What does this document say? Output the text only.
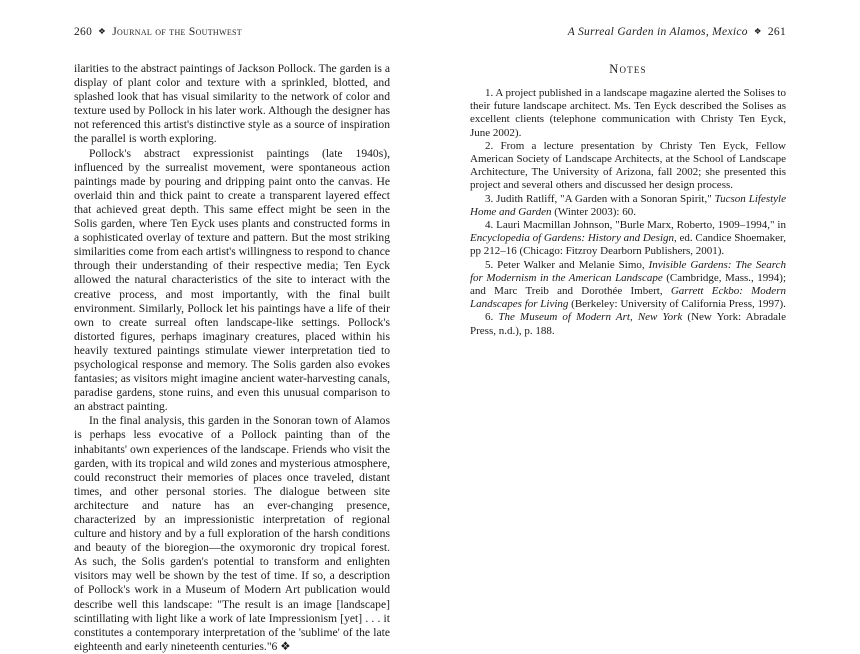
260 ❖ Journal of the Southwest

ilarities to the abstract paintings of Jackson Pollock. The garden is a display of plant color and texture with a sprinkled, blotted, and splashed look that has visual similarity to the network of color and texture used by Pollock in his later work. Although the designer has not referenced this artist's distinctive style as a source of inspiration the parallel is worth exploring.

Pollock's abstract expressionist paintings (late 1940s), influenced by the surrealist movement, were spontaneous action paintings made by pouring and dripping paint onto the canvas. He overlaid thin and thick paint to create a transparent layered effect that achieved great depth. This same effect might be seen in the Solis garden, where Ten Eyck uses plants and constructed forms in a sophisticated overlay of texture and pattern. But the most striking similarities come from each artist's willingness to respond to chance through their understanding of their respective media; Ten Eyck allowed the natural characteristics of the site to interact with the creative process, and most importantly, with the final built environment. Similarly, Pollock let his paintings have a life of their own to create surreal often landscape-like settings. Pollock's distorted figures, perhaps imaginary creatures, placed within his heavily textured paintings stimulate viewer interpretation tied to psychological response and memory. The Solis garden also evokes fantasies; as visitors might imagine ancient water-harvesting canals, paradise gardens, stone ruins, and even this unusual comparison to an abstract painting.

In the final analysis, this garden in the Sonoran town of Alamos is perhaps less evocative of a Pollock painting than of the inhabitants' own experiences of the landscape. Friends who visit the garden, with its tropical and wild zones and mysterious atmosphere, could reconstruct their memories of places once traveled, distant times, and other personal stories. The dialogue between site architecture and nature has an ever-changing presence, characterized by an impressionistic interpretation of regional culture and history and by a full exploration of the harsh conditions and beauty of the bioregion—the oxymoronic dry tropical forest. As such, the Solis garden's potential to transform and enlighten visitors may well be shown by the test of time. If so, a description of Pollock's work in a Museum of Modern Art publication would describe well this landscape: "The result is an image [landscape] scintillating with light like a work of late Impressionism [yet] . . . it constitutes a contemporary interpretation of the 'sublime' of the late eighteenth and early nineteenth centuries."6 ❖

A Surreal Garden in Alamos, Mexico ❖ 261
Notes

1. A project published in a landscape magazine alerted the Solises to their future landscape architect. Ms. Ten Eyck described the Solises as excellent clients (telephone communication with Christy Ten Eyck, June 2002).

2. From a lecture presentation by Christy Ten Eyck, Fellow American Society of Landscape Architects, at the School of Landscape Architecture, The University of Arizona, fall 2002; she presented this project and several others and discussed her design process.

3. Judith Ratliff, "A Garden with a Sonoran Spirit," Tucson Lifestyle Home and Garden (Winter 2003): 60.

4. Lauri Macmillan Johnson, "Burle Marx, Roberto, 1909–1994," in Encyclopedia of Gardens: History and Design, ed. Candice Shoemaker, pp 212–16 (Chicago: Fitzroy Dearborn Publishers, 2001).

5. Peter Walker and Melanie Simo, Invisible Gardens: The Search for Modernism in the American Landscape (Cambridge, Mass., 1994); and Marc Treib and Dorothée Imbert, Garrett Eckbo: Modern Landscapes for Living (Berkeley: University of California Press, 1997).

6. The Museum of Modern Art, New York (New York: Abradale Press, n.d.), p. 188.
